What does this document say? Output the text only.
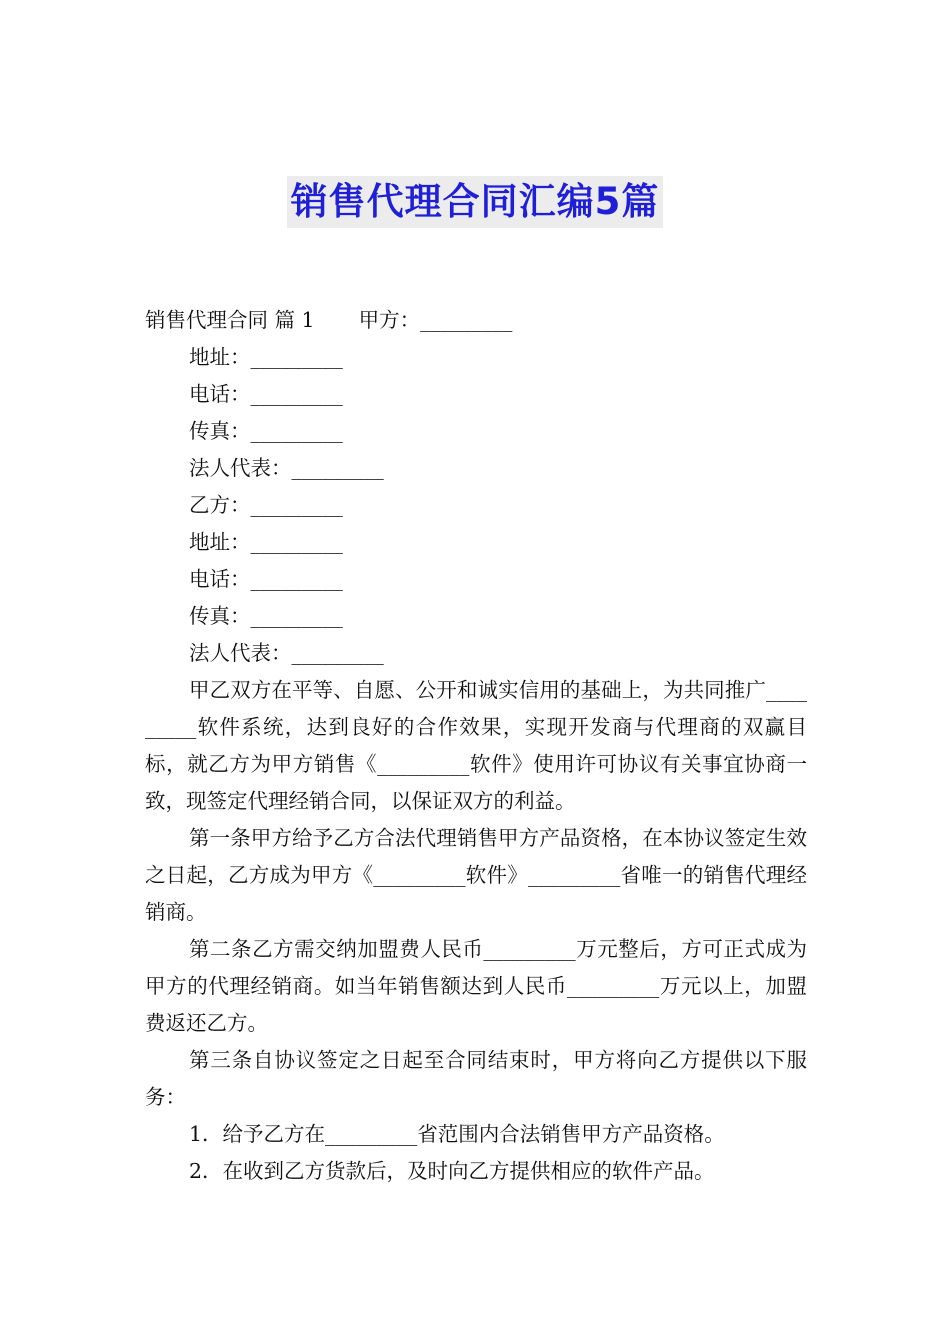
销售代理合同汇编5篇

销售代理合同 篇 1 甲方：_________

地址：_________

电话：_________

传真：_________

法人代表：_________

乙方：_________

地址：_________

电话：_________

传真：_________

法人代表：_________

甲乙双方在平等、自愿、公开和诚实信用的基础上，为共同推广_________软件系统，达到良好的合作效果，实现开发商与代理商的双赢目标，就乙方为甲方销售《_________软件》使用许可协议有关事宜协商一致，现签定代理经销合同，以保证双方的利益。

第一条甲方给予乙方合法代理销售甲方产品资格，在本协议签定生效之日起，乙方成为甲方《_________软件》_________省唯一的销售代理经销商。

第二条乙方需交纳加盟费人民币_________万元整后，方可正式成为甲方的代理经销商。如当年销售额达到人民币_________万元以上，加盟费返还乙方。

第三条自协议签定之日起至合同结束时，甲方将向乙方提供以下服务：

1．给予乙方在_________省范围内合法销售甲方产品资格。

2．在收到乙方货款后，及时向乙方提供相应的软件产品。
